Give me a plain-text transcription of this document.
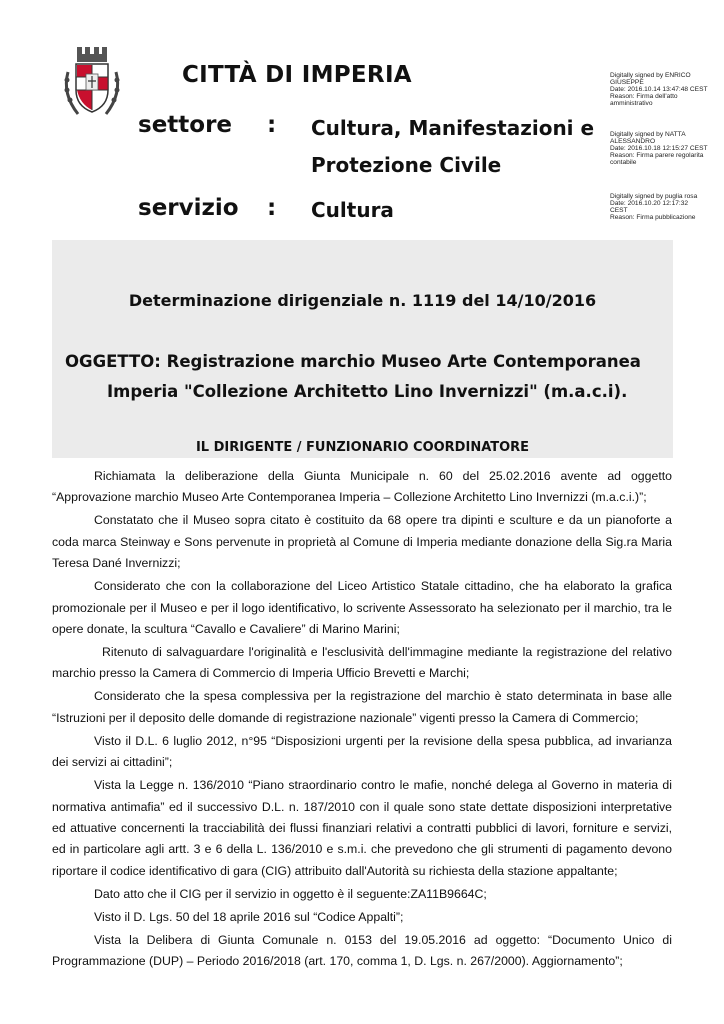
CITTÀ DI IMPERIA
settore : Cultura, Manifestazioni e
Protezione Civile
servizio : Cultura
Digitally signed by ENRICO
GIUSEPPE
Date: 2016.10.14 13:47:48 CEST
Reason: Firma dell'atto
amministrativo
Digitally signed by NATTA
ALESSANDRO
Date: 2016.10.18 12:15:27 CEST
Reason: Firma parere regolarita
contabile
Digitally signed by puglia rosa
Date: 2016.10.20 12:17:32
CEST
Reason: Firma pubblicazione
Determinazione dirigenziale n. 1119 del 14/10/2016
OGGETTO: Registrazione marchio Museo Arte Contemporanea
Imperia "Collezione Architetto Lino Invernizzi" (m.a.c.i).
IL DIRIGENTE / FUNZIONARIO COORDINATORE

Richiamata la deliberazione della Giunta Municipale n. 60 del 25.02.2016 avente ad oggetto “Approvazione marchio Museo Arte Contemporanea Imperia – Collezione Architetto Lino Invernizzi (m.a.c.i.)”;

Constatato che il Museo sopra citato è costituito da 68 opere tra dipinti e sculture e da un pianoforte a coda marca Steinway e Sons pervenute in proprietà al Comune di Imperia mediante donazione della Sig.ra Maria Teresa Dané Invernizzi;

Considerato che con la collaborazione del Liceo Artistico Statale cittadino, che ha elaborato la grafica promozionale per il Museo e per il logo identificativo, lo scrivente Assessorato ha selezionato per il marchio, tra le opere donate, la scultura “Cavallo e Cavaliere” di Marino Marini;

Ritenuto di salvaguardare l'originalità e l'esclusività dell'immagine mediante la registrazione del relativo marchio presso la Camera di Commercio di Imperia Ufficio Brevetti e Marchi;

Considerato che la spesa complessiva per la registrazione del marchio è stato determinata in base alle “Istruzioni per il deposito delle domande di registrazione nazionale” vigenti presso la Camera di Commercio;

Visto il D.L. 6 luglio 2012, n°95 “Disposizioni urgenti per la revisione della spesa pubblica, ad invarianza dei servizi ai cittadini”;

Vista la Legge n. 136/2010 “Piano straordinario contro le mafie, nonché delega al Governo in materia di normativa antimafia” ed il successivo D.L. n. 187/2010 con il quale sono state dettate disposizioni interpretative ed attuative concernenti la tracciabilità dei flussi finanziari relativi a contratti pubblici di lavori, forniture e servizi, ed in particolare agli artt. 3 e 6 della L. 136/2010 e s.m.i. che prevedono che gli strumenti di pagamento devono riportare il codice identificativo di gara (CIG) attribuito dall'Autorità su richiesta della stazione appaltante;

Dato atto che il CIG per il servizio in oggetto è il seguente:ZA11B9664C;

Visto il D. Lgs. 50 del 18 aprile 2016 sul “Codice Appalti”;

Vista la Delibera di Giunta Comunale n. 0153 del 19.05.2016 ad oggetto: “Documento Unico di Programmazione (DUP) – Periodo 2016/2018 (art. 170, comma 1, D. Lgs. n. 267/2000). Aggiornamento”;
